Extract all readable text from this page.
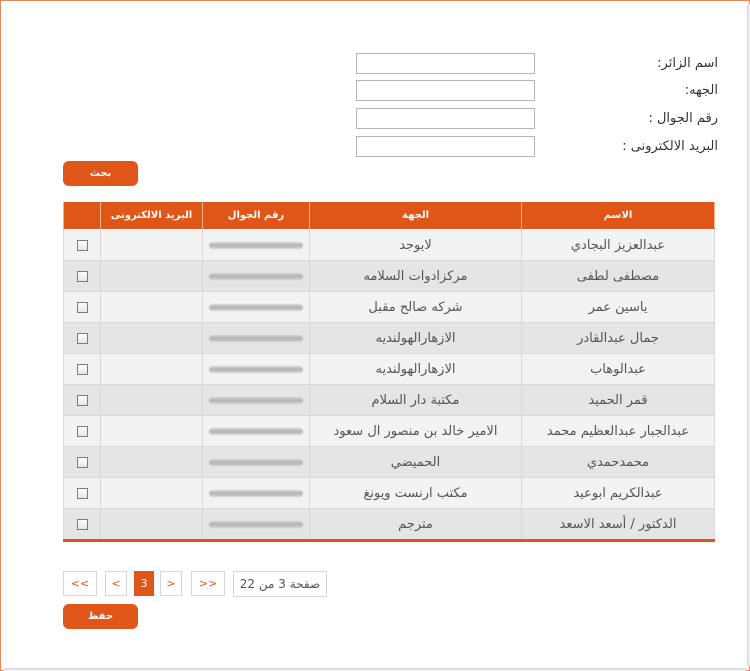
اسم الزائر:
الجهه:
رقم الجوال :
البريد الالكترونى :
بحث
الاسم	الجهة	رقم الجوال	البريد الالكترونى	
عبدالعزيز البجادي	لايوجد			
مصطفى لطفى	مركزادوات السلامه			
ياسين عمر	شركه صالح مقبل			
جمال عبدالقادر	الازهارالهولنديه			
عبدالوهاب	الازهارالهولنديه			
قمر الحميد	مكتبة دار السلام			
عبدالجبار عبدالعظيم محمد	الامير خالد بن منصور ال سعود			
محمدحمدي	الحميضي			
عبدالكريم ابوعيد	مكتب ارنست ويونغ			
الدكتور / أسعد الاسعد	مترجم			
<<	<	3	>	>>	صفحة 3 من 22
حفظ
